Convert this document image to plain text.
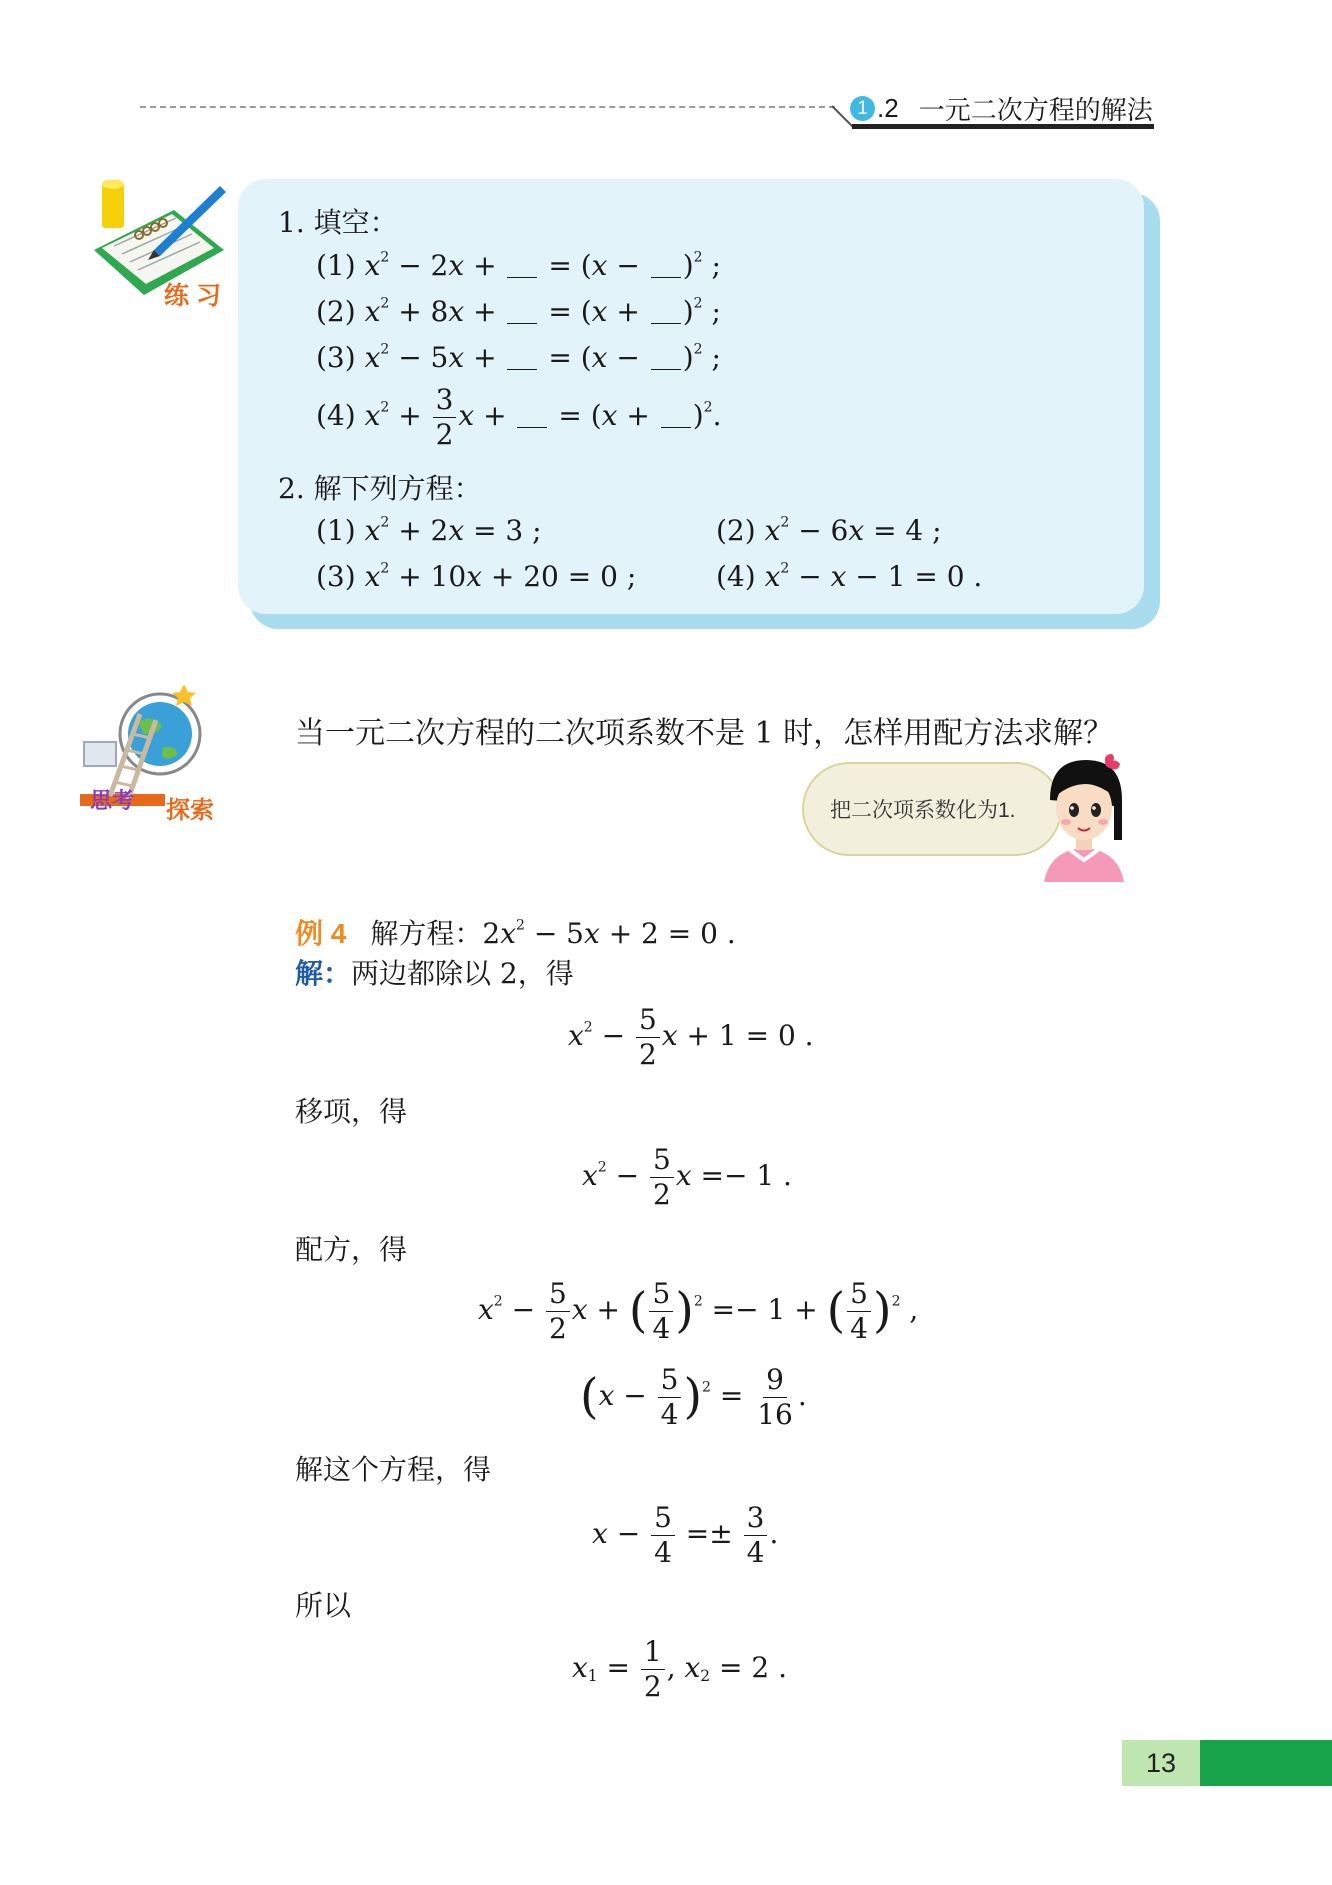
1 .2 一元二次方程的解法
练 习
1. 填空：
(1) $x^2 - 2x$ +  = $(x - )^2$ ;
(2) $x^2 + 8x$ +  = $(x + )^2$ ;
(3) $x^2 - 5x$ +  = $(x - )^2$ ;
(4) $x^2 + \frac{3}{2}$ x +  = $(x + )^2$.
2. 解下列方程：
(1) $x^2 + 2x = 3$ ;	(2) $x^2 - 6x = 4$ ;
(3) $x^2 + 10x + 20 = 0$ ;	(4) $x^2 - x - 1 = 0$ .
思考 探索
当一元二次方程的二次项系数不是 1 时，怎样用配方法求解？
把二次项系数化为1.
例 4 解方程：$2x^2 - 5x + 2 = 0$ .
解：两边都除以 2，得
$x^2 - \frac{5}{2}$ x + 1 = 0 .
移项，得
$x^2 - \frac{5}{2}$ x =− 1 .
配方，得
$x^2 - \frac{5}{2}$ x + ( $\frac{5}{4} )^2 =- 1$ + ( $\frac{5}{4} )^2$ ,
$(x - \frac{5}{4} )^2 = \frac{9}{16}$ .
解这个方程，得
$x - \frac{5}{4} =\pm \frac{3}{4}$ .
所以
$x_1 = \frac{1}{2}$ , $x_2 = 2$ .
13
